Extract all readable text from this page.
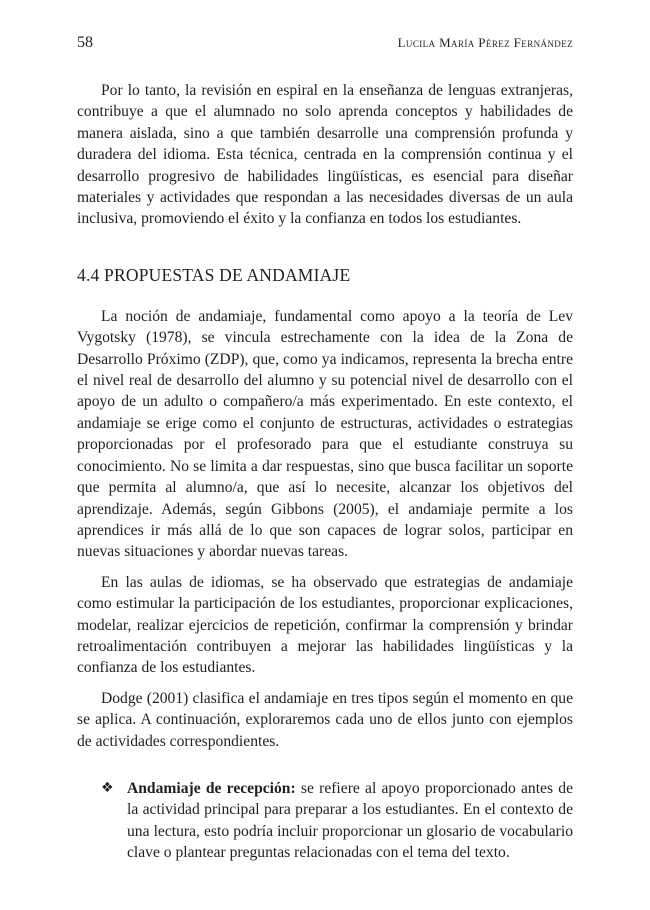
58	Lucila María Pérez Fernández

Por lo tanto, la revisión en espiral en la enseñanza de lenguas extranjeras, contribuye a que el alumnado no solo aprenda conceptos y habilidades de manera aislada, sino a que también desarrolle una comprensión profunda y duradera del idioma. Esta técnica, centrada en la comprensión continua y el desarrollo progresivo de habilidades lingüísticas, es esencial para diseñar materiales y actividades que respondan a las necesidades diversas de un aula inclusiva, promoviendo el éxito y la confianza en todos los estudiantes.

4.4 PROPUESTAS DE ANDAMIAJE

La noción de andamiaje, fundamental como apoyo a la teoría de Lev Vygotsky (1978), se vincula estrechamente con la idea de la Zona de Desarrollo Próximo (ZDP), que, como ya indicamos, representa la brecha entre el nivel real de desarrollo del alumno y su potencial nivel de desarrollo con el apoyo de un adulto o compañero/a más experimentado. En este contexto, el andamiaje se erige como el conjunto de estructuras, actividades o estrategias proporcionadas por el profesorado para que el estudiante construya su conocimiento. No se limita a dar respuestas, sino que busca facilitar un soporte que permita al alumno/a, que así lo necesite, alcanzar los objetivos del aprendizaje. Además, según Gibbons (2005), el andamiaje permite a los aprendices ir más allá de lo que son capaces de lograr solos, participar en nuevas situaciones y abordar nuevas tareas.

En las aulas de idiomas, se ha observado que estrategias de andamiaje como estimular la participación de los estudiantes, proporcionar explicaciones, modelar, realizar ejercicios de repetición, confirmar la comprensión y brindar retroalimentación contribuyen a mejorar las habilidades lingüísticas y la confianza de los estudiantes.

Dodge (2001) clasifica el andamiaje en tres tipos según el momento en que se aplica. A continuación, exploraremos cada uno de ellos junto con ejemplos de actividades correspondientes.

❖ Andamiaje de recepción: se refiere al apoyo proporcionado antes de la actividad principal para preparar a los estudiantes. En el contexto de una lectura, esto podría incluir proporcionar un glosario de vocabulario clave o plantear preguntas relacionadas con el tema del texto.
